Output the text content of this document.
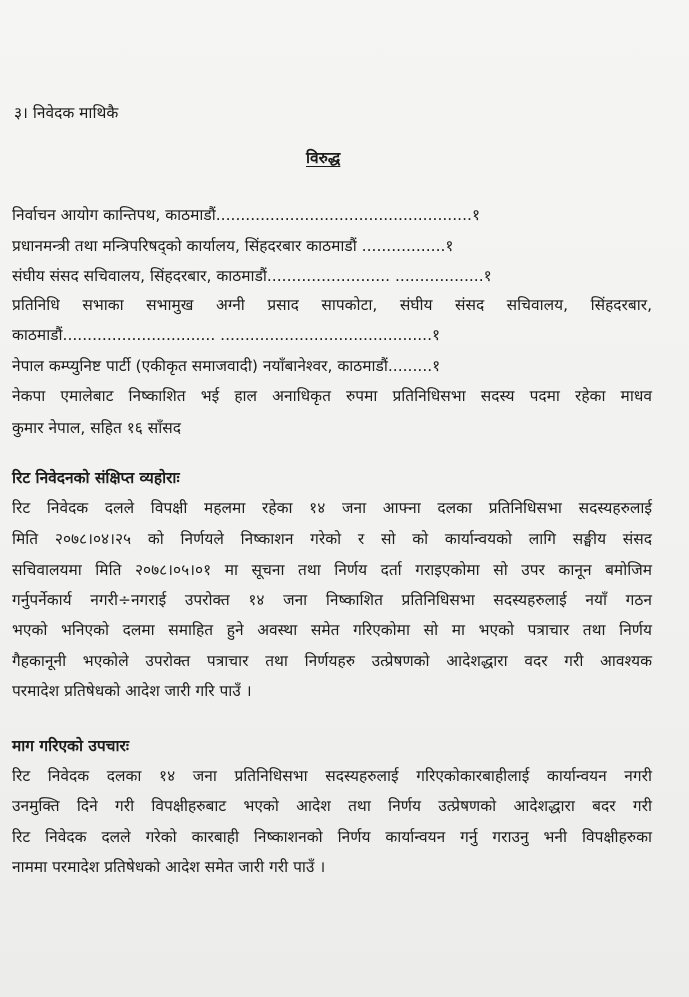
३। निवेदक माथिकै
विरुद्ध
निर्वाचन आयोग कान्तिपथ, काठमाडौं....................................................१
प्रधानमन्त्री तथा मन्त्रिपरिषद्को कार्यालय, सिंहदरबार काठमाडौं .................१
संघीय संसद सचिवालय, सिंहदरबार, काठमाडौं......................... ..................१
प्रतिनिधि सभाका सभामुख अग्नी प्रसाद सापकोटा, संघीय संसद सचिवालय, सिंहदरबार,
काठमाडौं............................... ...........................................१
नेपाल कम्प्युनिष्ट पार्टी (एकीकृत समाजवादी) नयाँबानेश्वर, काठमाडौं.........१
नेकपा एमालेबाट निष्काशित भई हाल अनाधिकृत रुपमा प्रतिनिधिसभा सदस्य पदमा रहेका माधव
कुमार नेपाल, सहित १६ साँसद
रिट निवेदनको संक्षिप्त व्यहोराः
रिट निवेदक दलले विपक्षी महलमा रहेका १४ जना आफ्ना दलका प्रतिनिधिसभा सदस्यहरुलाई
मिति २०७८।०४।२५ को निर्णयले निष्काशन गरेको र सो को कार्यान्वयको लागि सङ्घीय संसद
सचिवालयमा मिति २०७८।०५।०१ मा सूचना तथा निर्णय दर्ता गराइएकोमा सो उपर कानून बमोजिम
गर्नुपर्नेकार्य नगरी÷नगराई उपरोक्त १४ जना निष्काशित प्रतिनिधिसभा सदस्यहरुलाई नयाँ गठन
भएको भनिएको दलमा समाहित हुने अवस्था समेत गरिएकोमा सो मा भएको पत्राचार तथा निर्णय
गैहकानूनी भएकोले उपरोक्त पत्राचार तथा निर्णयहरु उत्प्रेषणको आदेशद्धारा वदर गरी आवश्यक
परमादेश प्रतिषेधको आदेश जारी गरि पाउँ ।
माग गरिएको उपचारः
रिट निवेदक दलका १४ जना प्रतिनिधिसभा सदस्यहरुलाई गरिएकोकारबाहीलाई कार्यान्वयन नगरी
उनमुक्ति दिने गरी विपक्षीहरुबाट भएको आदेश तथा निर्णय उत्प्रेषणको आदेशद्धारा बदर गरी
रिट निवेदक दलले गरेको कारबाही निष्काशनको निर्णय कार्यान्वयन गर्नु गराउनु भनी विपक्षीहरुका
नाममा परमादेश प्रतिषेधको आदेश समेत जारी गरी पाउँ ।
